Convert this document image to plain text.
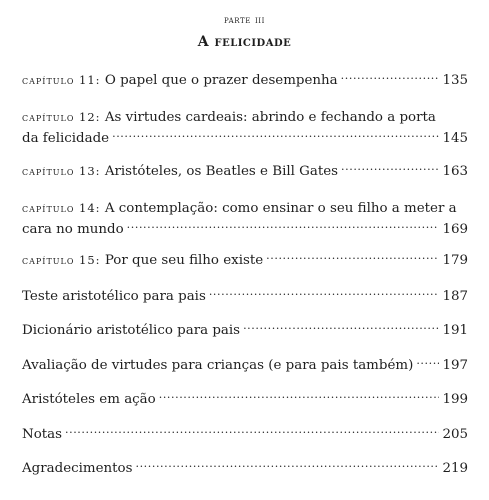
parte iii
A felicidade
capítulo 11: O papel que o prazer desempenha .....	135
capítulo 12: As virtudes cardeais: abrindo e fechando a porta
da felicidade .....	145
capítulo 13: Aristóteles, os Beatles e Bill Gates .....	163
capítulo 14: A contemplação: como ensinar o seu filho a meter a
cara no mundo .....	169
capítulo 15: Por que seu filho existe .....	179
Teste aristotélico para pais .....	187
Dicionário aristotélico para pais .....	191
Avaliação de virtudes para crianças (e para pais também) ..... 197
Aristóteles em ação .....	199
Notas .....	205
Agradecimentos .....	219
